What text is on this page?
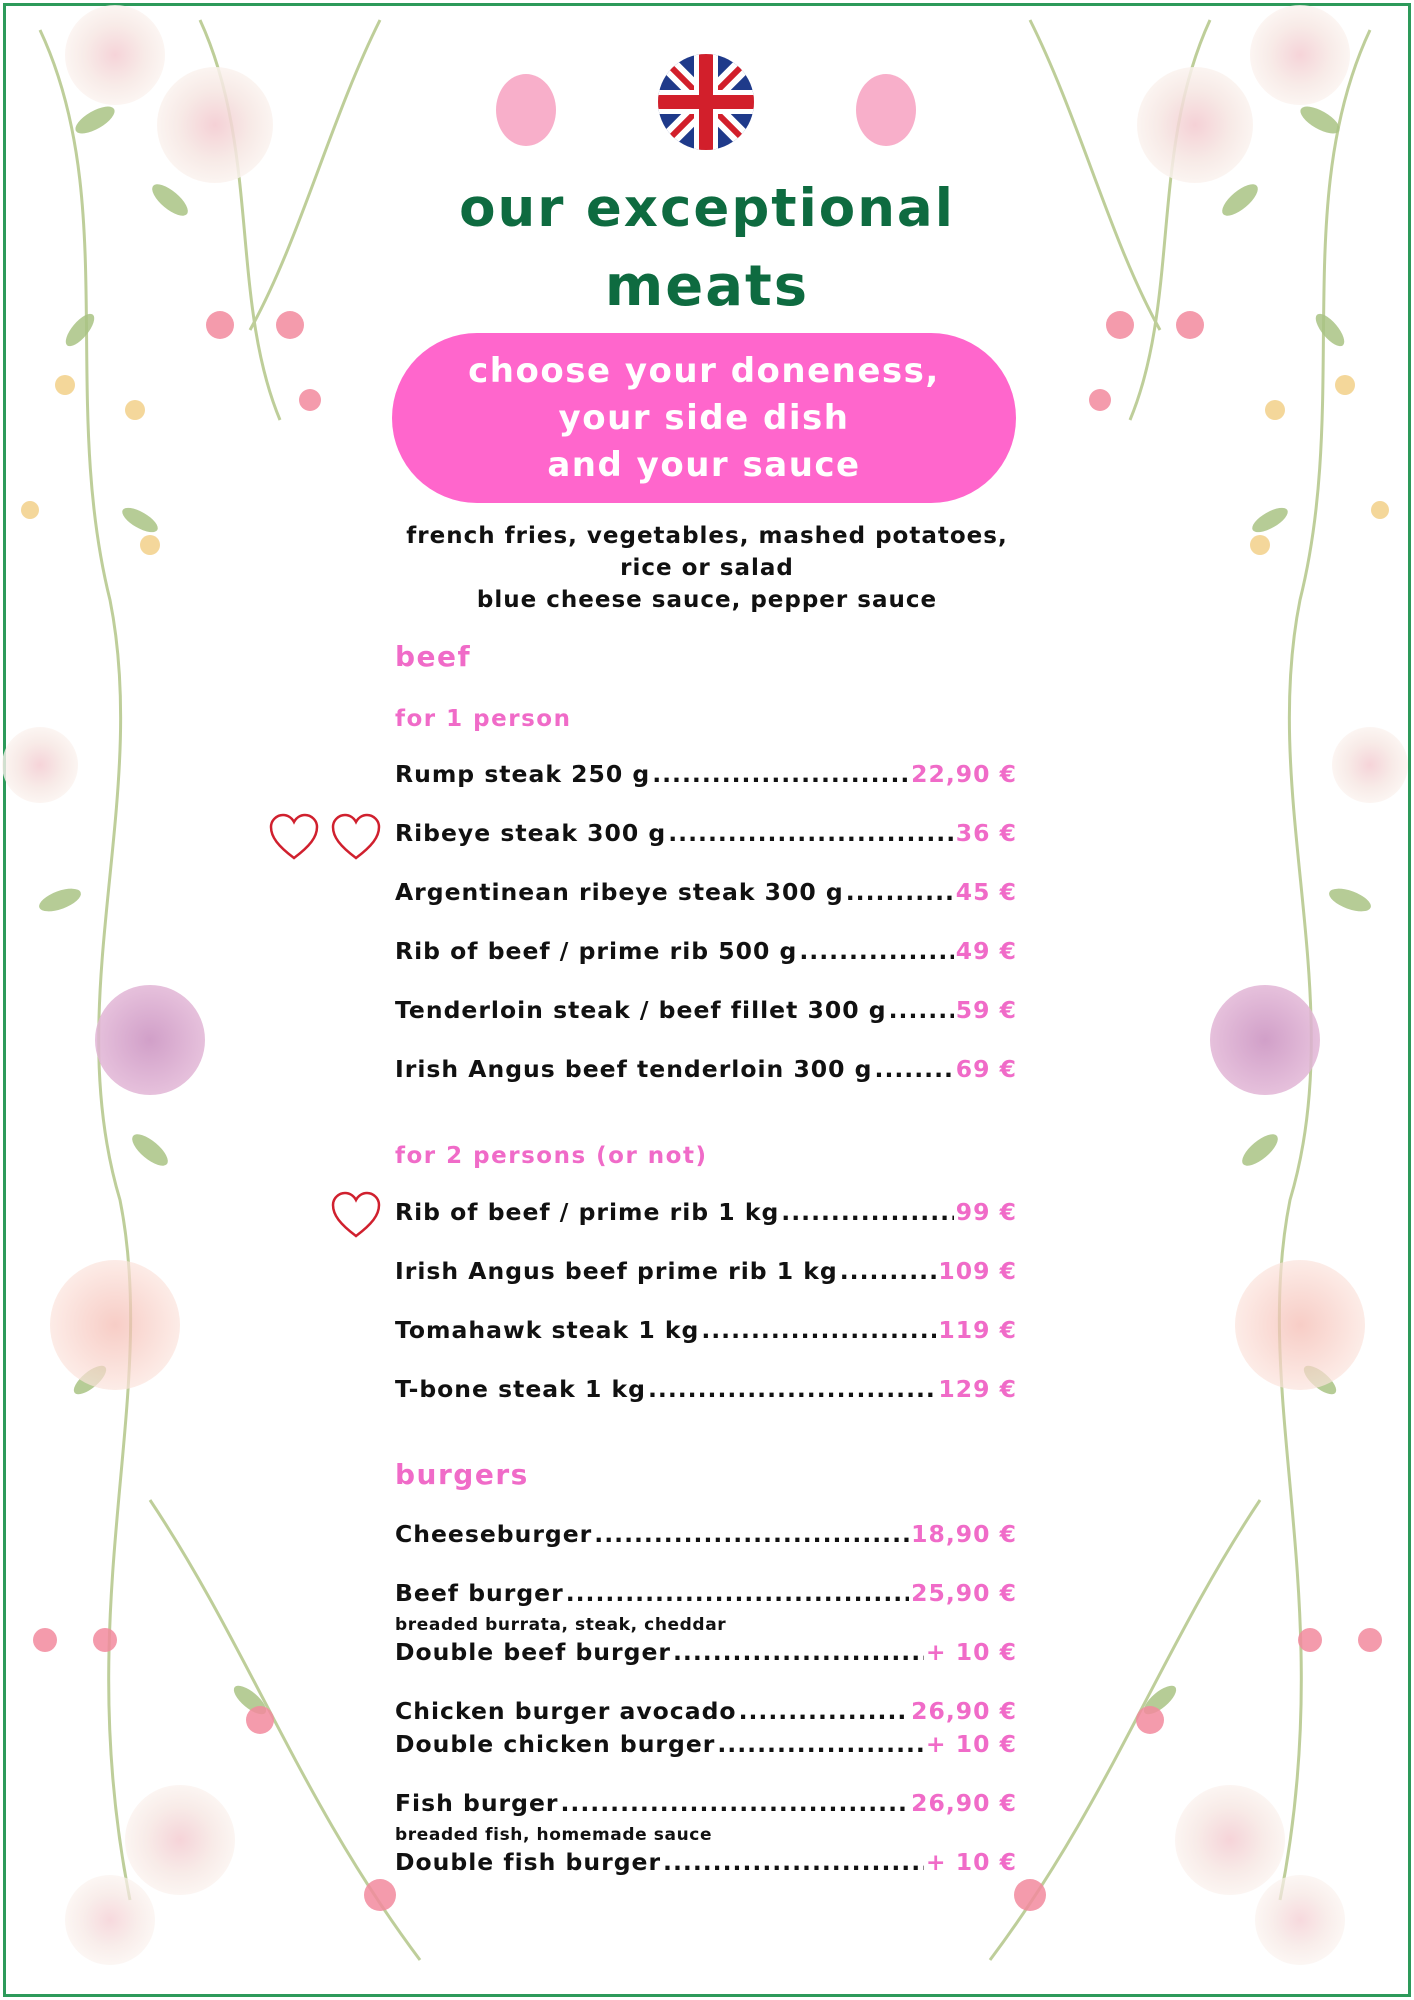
our exceptional
meats
choose your doneness,
your side dish
and your sauce
french fries, vegetables, mashed potatoes,
rice or salad
blue cheese sauce, pepper sauce
beef
for 1 person
Rump steak 250 g .....	22,90 €
Ribeye steak 300 g .....	36 €
Argentinean ribeye steak 300 g .....	45 €
Rib of beef / prime rib 500 g .....	49 €
Tenderloin steak / beef fillet 300 g .....	59 €
Irish Angus beef tenderloin 300 g .....	69 €
for 2 persons (or not)
Rib of beef / prime rib 1 kg .....	99 €
Irish Angus beef prime rib 1 kg .....	109 €
Tomahawk steak 1 kg .....	119 €
T-bone steak 1 kg .....	129 €
burgers
Cheeseburger .....	18,90 €
Beef burger .....	25,90 €
breaded burrata, steak, cheddar
Double beef burger .....	+ 10 €
Chicken burger avocado .....	26,90 €
Double chicken burger .....	+ 10 €
Fish burger .....	26,90 €
breaded fish, homemade sauce
Double fish burger .....	+ 10 €
